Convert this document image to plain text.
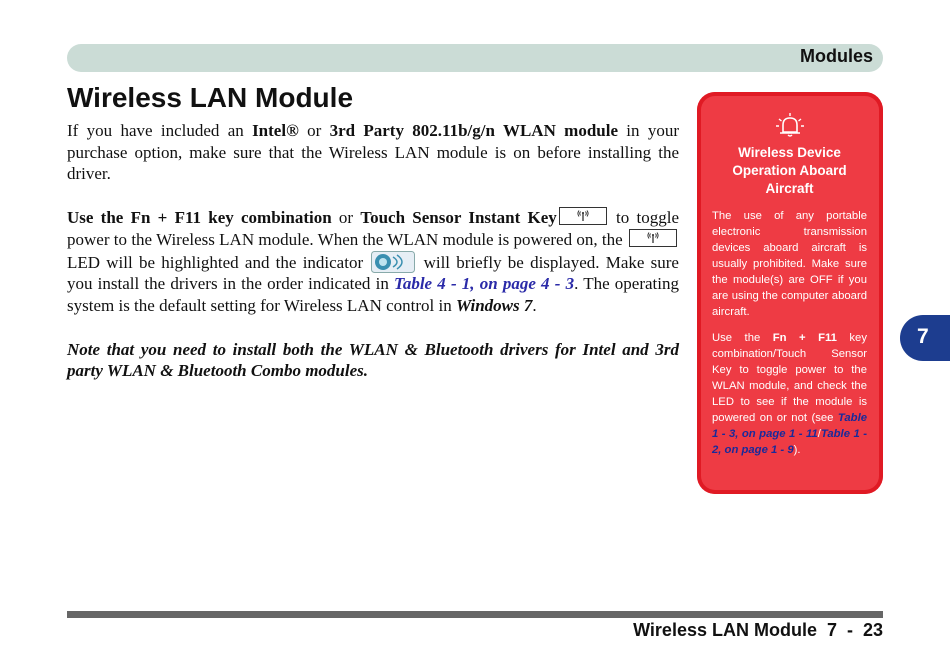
Modules
Wireless LAN Module

If you have included an Intel® or 3rd Party 802.11b/g/n WLAN module in your purchase option, make sure that the Wireless LAN module is on before installing the driver.

Use the Fn + F11 key combination or Touch Sensor Instant Key	to toggle power to the Wireless LAN module. When the WLAN module is powered on, the
LED will be highlighted and the indicator	will briefly be displayed. Make sure you install the drivers in the order indicated in Table 4 - 1, on page 4 - 3. The operating system is the default setting for Wireless LAN control in Windows 7.

Note that you need to install both the WLAN & Bluetooth drivers for Intel and 3rd party WLAN & Bluetooth Combo modules.

Wireless Device Operation Aboard Aircraft

The use of any portable electronic transmission devices aboard aircraft is usually prohibited. Make sure the module(s) are OFF if you are using the computer aboard aircraft.

Use the Fn + F11 key combination/Touch Sensor Key to toggle power to the WLAN module, and check the LED to see if the module is powered on or not (see Table 1 - 3, on page 1 - 11/Table 1 - 2, on page 1 - 9).

7
Wireless LAN Module  7  -  23
